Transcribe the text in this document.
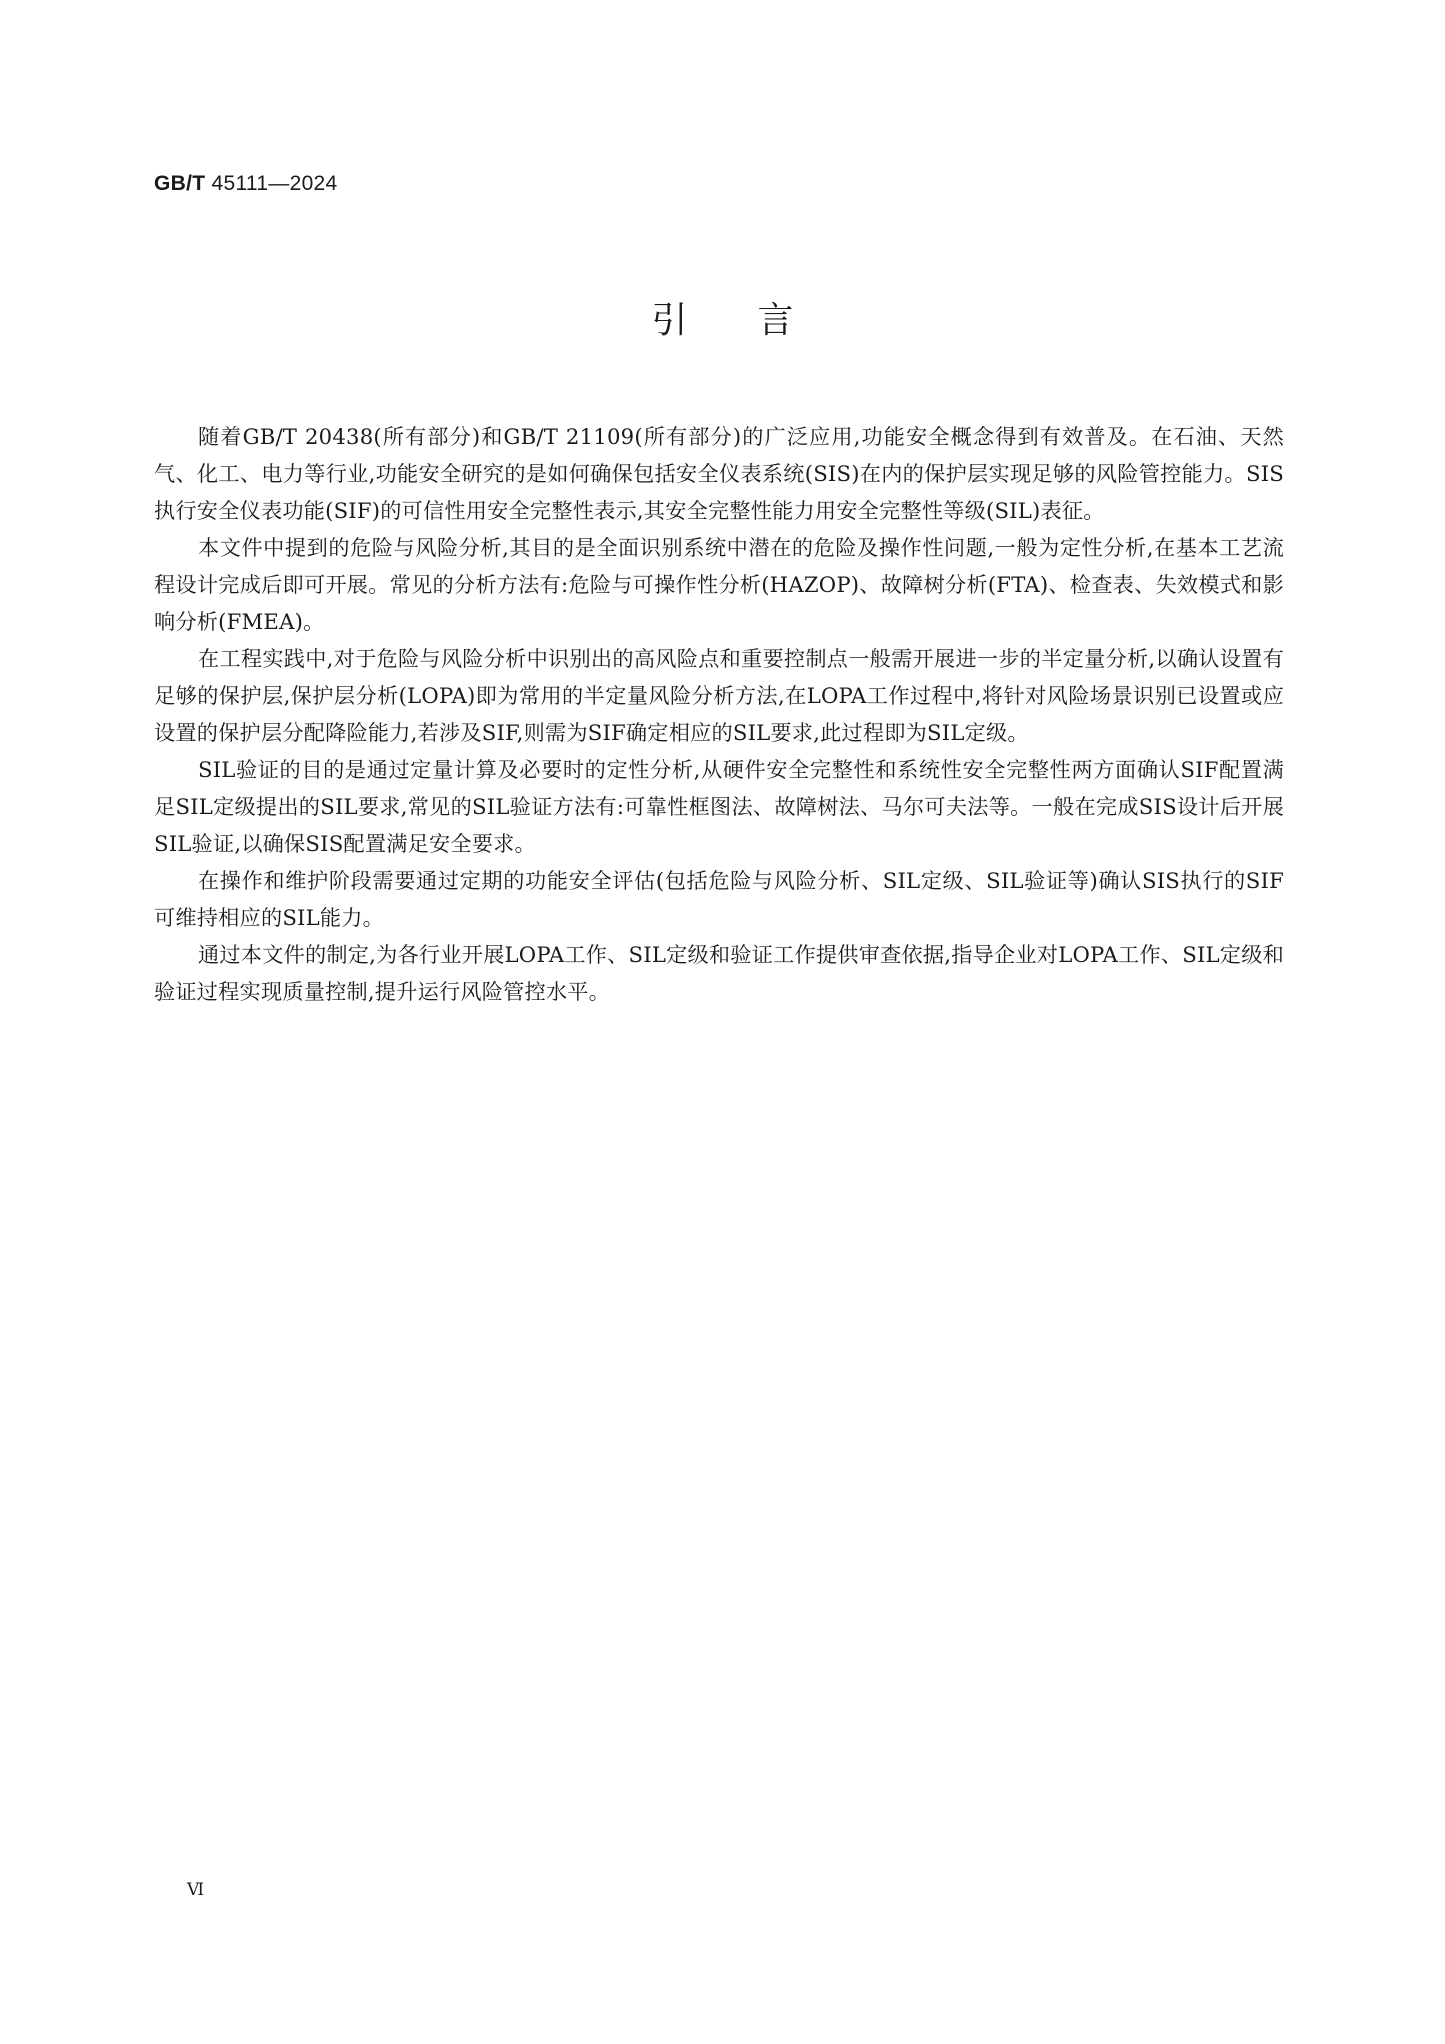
GB/T 45111—2024
引言

随着GB/T 20438(所有部分)和GB/T 21109(所有部分)的广泛应用,功能安全概念得到有效普及。在石油、天然气、化工、电力等行业,功能安全研究的是如何确保包括安全仪表系统(SIS)在内的保护层实现足够的风险管控能力。SIS执行安全仪表功能(SIF)的可信性用安全完整性表示,其安全完整性能力用安全完整性等级(SIL)表征。

本文件中提到的危险与风险分析,其目的是全面识别系统中潜在的危险及操作性问题,一般为定性分析,在基本工艺流程设计完成后即可开展。常见的分析方法有:危险与可操作性分析(HAZOP)、故障树分析(FTA)、检查表、失效模式和影响分析(FMEA)。

在工程实践中,对于危险与风险分析中识别出的高风险点和重要控制点一般需开展进一步的半定量分析,以确认设置有足够的保护层,保护层分析(LOPA)即为常用的半定量风险分析方法,在LOPA工作过程中,将针对风险场景识别已设置或应设置的保护层分配降险能力,若涉及SIF,则需为SIF确定相应的SIL要求,此过程即为SIL定级。

SIL验证的目的是通过定量计算及必要时的定性分析,从硬件安全完整性和系统性安全完整性两方面确认SIF配置满足SIL定级提出的SIL要求,常见的SIL验证方法有:可靠性框图法、故障树法、马尔可夫法等。一般在完成SIS设计后开展SIL验证,以确保SIS配置满足安全要求。

在操作和维护阶段需要通过定期的功能安全评估(包括危险与风险分析、SIL定级、SIL验证等)确认SIS执行的SIF可维持相应的SIL能力。

通过本文件的制定,为各行业开展LOPA工作、SIL定级和验证工作提供审查依据,指导企业对LOPA工作、SIL定级和验证过程实现质量控制,提升运行风险管控水平。

Ⅵ
